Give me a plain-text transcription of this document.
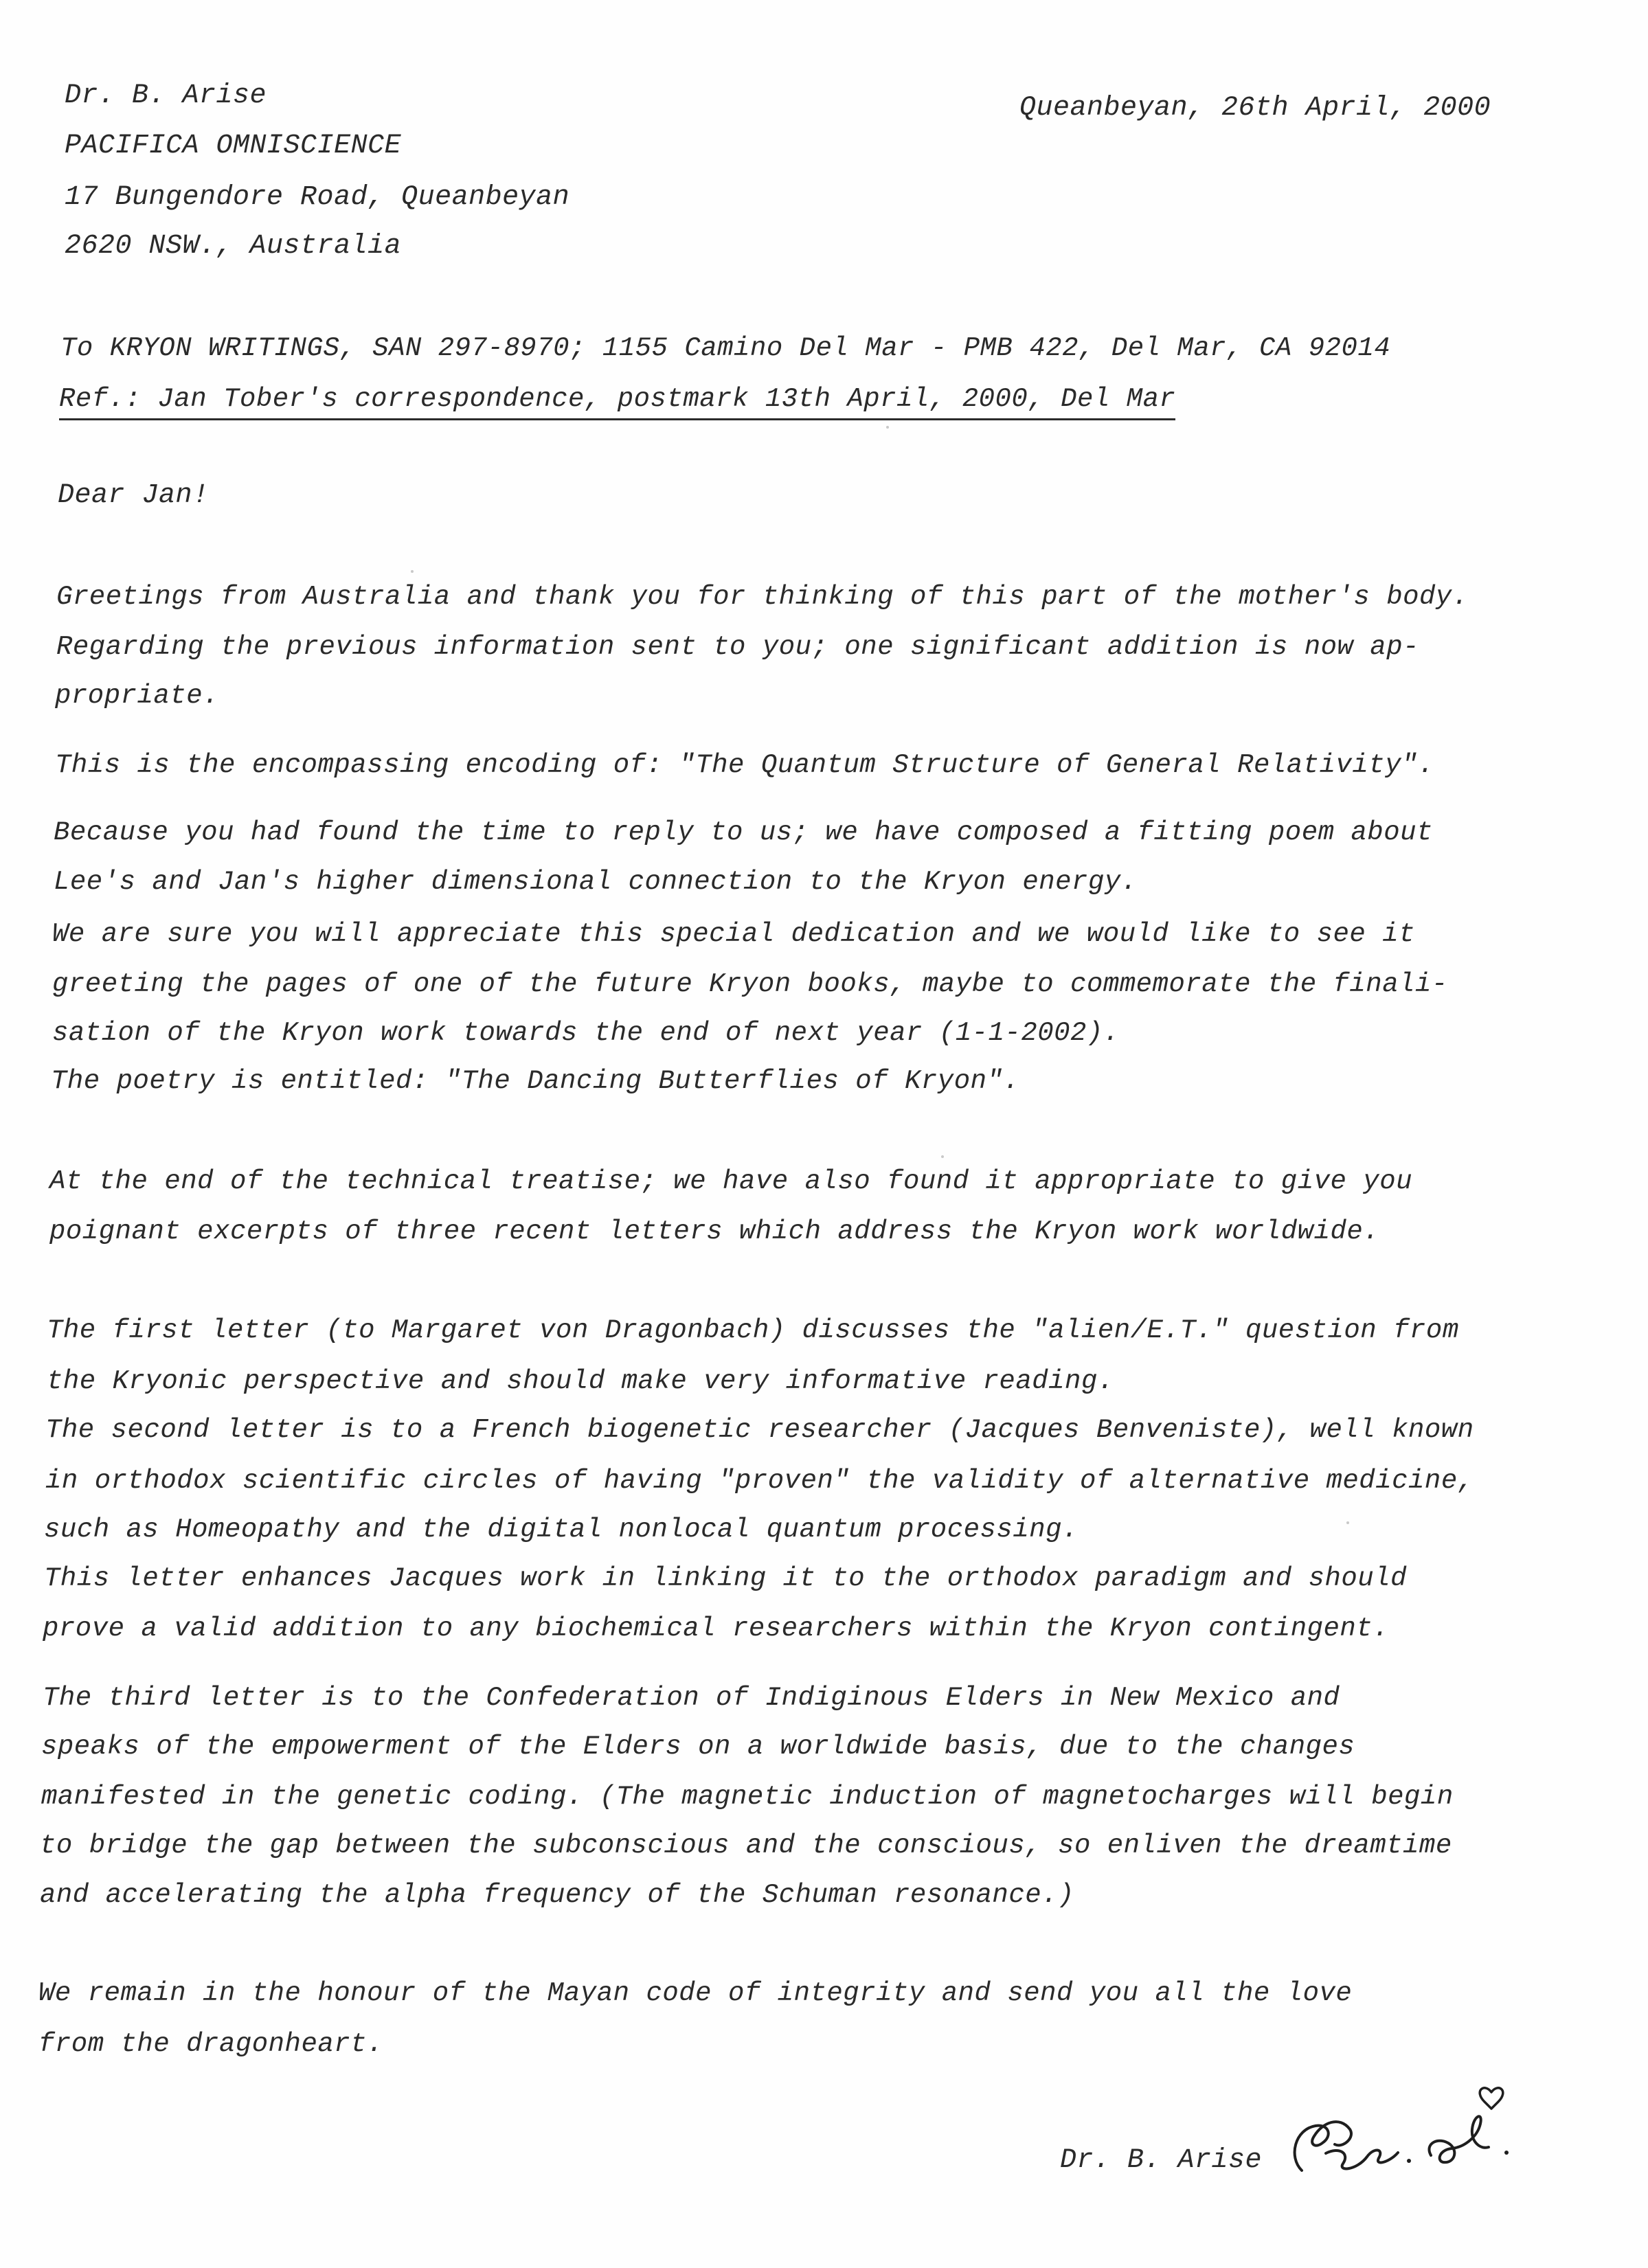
Dr. B. Arise
PACIFICA OMNISCIENCE
17 Bungendore Road, Queanbeyan
2620 NSW., Australia
Queanbeyan, 26th April, 2000
To KRYON WRITINGS, SAN 297-8970; 1155 Camino Del Mar - PMB 422, Del Mar, CA 92014
Ref.: Jan Tober's correspondence, postmark 13th April, 2000, Del Mar
Dear Jan!
Greetings from Australia and thank you for thinking of this part of the mother's body.
Regarding the previous information sent to you; one significant addition is now ap-
propriate.
This is the encompassing encoding of: "The Quantum Structure of General Relativity".
Because you had found the time to reply to us; we have composed a fitting poem about
Lee's and Jan's higher dimensional connection to the Kryon energy.
We are sure you will appreciate this special dedication and we would like to see it
greeting the pages of one of the future Kryon books, maybe to commemorate the finali-
sation of the Kryon work towards the end of next year (1-1-2002).
The poetry is entitled: "The Dancing Butterflies of Kryon".
At the end of the technical treatise; we have also found it appropriate to give you
poignant excerpts of three recent letters which address the Kryon work worldwide.
The first letter (to Margaret von Dragonbach) discusses the "alien/E.T." question from
the Kryonic perspective and should make very informative reading.
The second letter is to a French biogenetic researcher (Jacques Benveniste), well known
in orthodox scientific circles of having "proven" the validity of alternative medicine,
such as Homeopathy and the digital nonlocal quantum processing.
This letter enhances Jacques work in linking it to the orthodox paradigm and should
prove a valid addition to any biochemical researchers within the Kryon contingent.
The third letter is to the Confederation of Indiginous Elders in New Mexico and
speaks of the empowerment of the Elders on a worldwide basis, due to the changes
manifested in the genetic coding. (The magnetic induction of magnetocharges will begin
to bridge the gap between the subconscious and the conscious, so enliven the dreamtime
and accelerating the alpha frequency of the Schuman resonance.)
We remain in the honour of the Mayan code of integrity and send you all the love
from the dragonheart.
Dr. B. Arise
